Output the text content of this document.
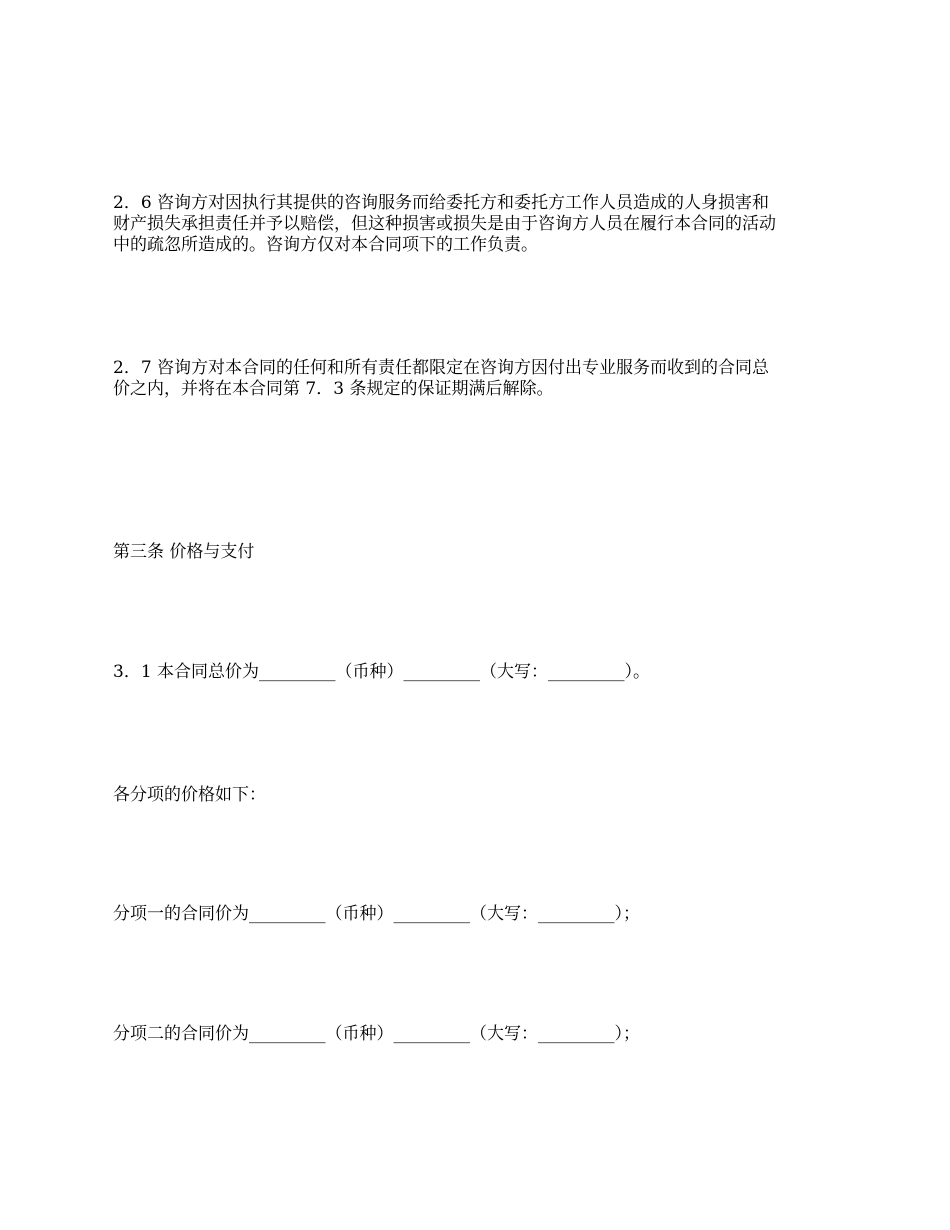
2．6 咨询方对因执行其提供的咨询服务而给委托方和委托方工作人员造成的人身损害和
财产损失承担责任并予以赔偿，但这种损害或损失是由于咨询方人员在履行本合同的活动
中的疏忽所造成的。咨询方仅对本合同项下的工作负责。
2．7 咨询方对本合同的任何和所有责任都限定在咨询方因付出专业服务而收到的合同总
价之内，并将在本合同第 7．3 条规定的保证期满后解除。
第三条 价格与支付
3．1 本合同总价为_________（币种）_________（大写：_________）。
各分项的价格如下：
分项一的合同价为_________（币种）_________（大写：_________）；
分项二的合同价为_________（币种）_________（大写：_________）；
